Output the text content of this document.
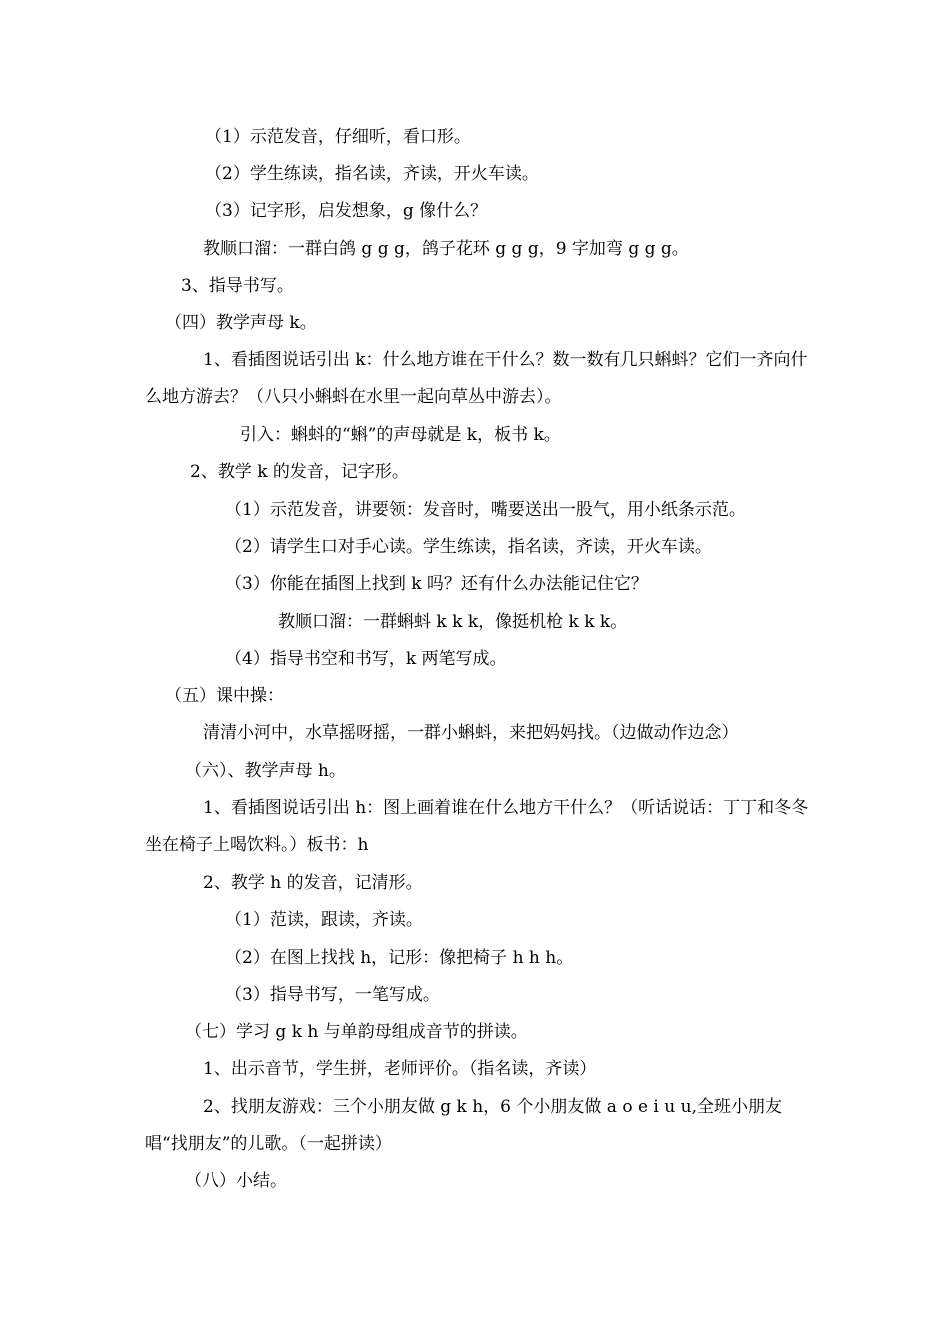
（1）示范发音，仔细听，看口形。
（2）学生练读，指名读，齐读，开火车读。
（3）记字形，启发想象，g 像什么？
教顺口溜：一群白鸽 g g g，鸽子花环 g g g，9 字加弯 g g g。
3、指导书写。
（四）教学声母 k。
1、看插图说话引出 k：什么地方谁在干什么？数一数有几只蝌蚪？它们一齐向什么地方游去？（八只小蝌蚪在水里一起向草丛中游去）。
引入：蝌蚪的“蝌”的声母就是 k，板书 k。
2、教学 k 的发音，记字形。
（1）示范发音，讲要领：发音时，嘴要送出一股气，用小纸条示范。
（2）请学生口对手心读。学生练读，指名读，齐读，开火车读。
（3）你能在插图上找到 k 吗？还有什么办法能记住它？
教顺口溜：一群蝌蚪 k k k，像挺机枪 k k k。
（4）指导书空和书写，k 两笔写成。
（五）课中操：
清清小河中，水草摇呀摇，一群小蝌蚪，来把妈妈找。（边做动作边念）
（六）、教学声母 h。
1、看插图说话引出 h：图上画着谁在什么地方干什么？（听话说话：丁丁和冬冬坐在椅子上喝饮料。）板书：h
2、教学 h 的发音，记清形。
（1）范读，跟读，齐读。
（2）在图上找找 h，记形：像把椅子 h h h。
（3）指导书写，一笔写成。
（七）学习 g k h 与单韵母组成音节的拼读。
1、出示音节，学生拼，老师评价。（指名读，齐读）
2、找朋友游戏：三个小朋友做 g k h，6 个小朋友做 a o e i u u,全班小朋友唱“找朋友”的儿歌。（一起拼读）
（八）小结。
